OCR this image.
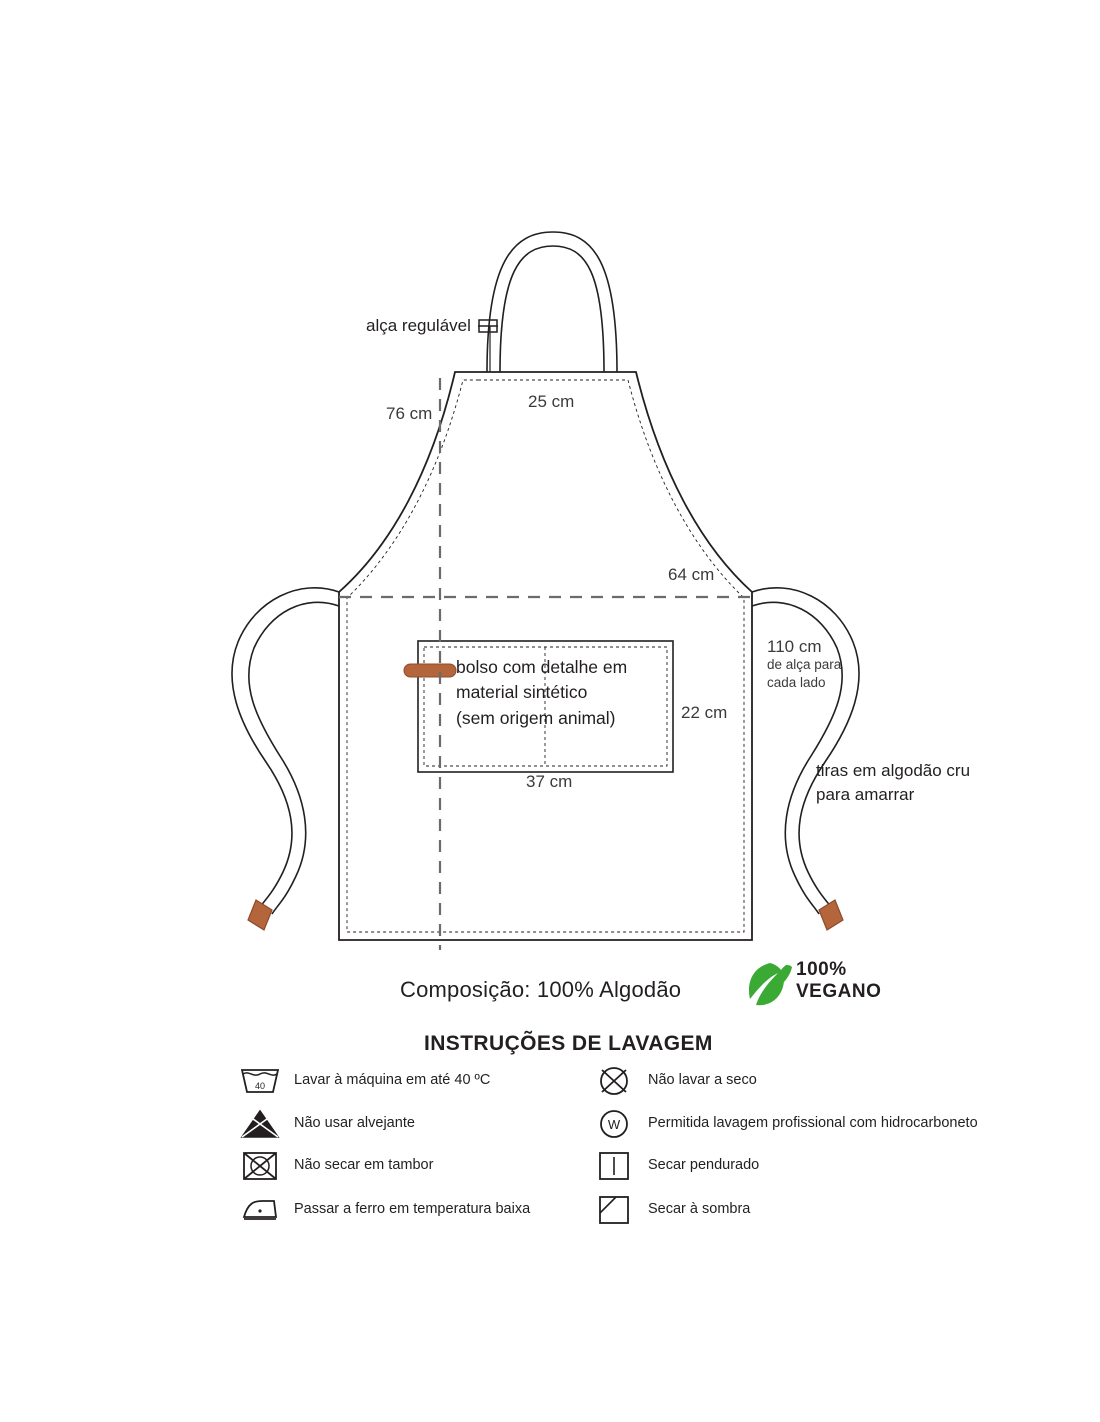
alça regulável
76 cm
25 cm
64 cm
22 cm
37 cm
110 cm
de alça para
cada lado
bolso com detalhe em
material sintético
(sem origem animal)
tiras em algodão cru
para amarrar
Composição: 100% Algodão
100%
VEGANO
INSTRUÇÕES DE LAVAGEM
40 Lavar à máquina em até 40 ºC
Não usar alvejante
Não secar em tambor
Passar a ferro em temperatura baixa
Não lavar a seco
W Permitida lavagem profissional com hidrocarboneto
Secar pendurado
Secar à sombra
